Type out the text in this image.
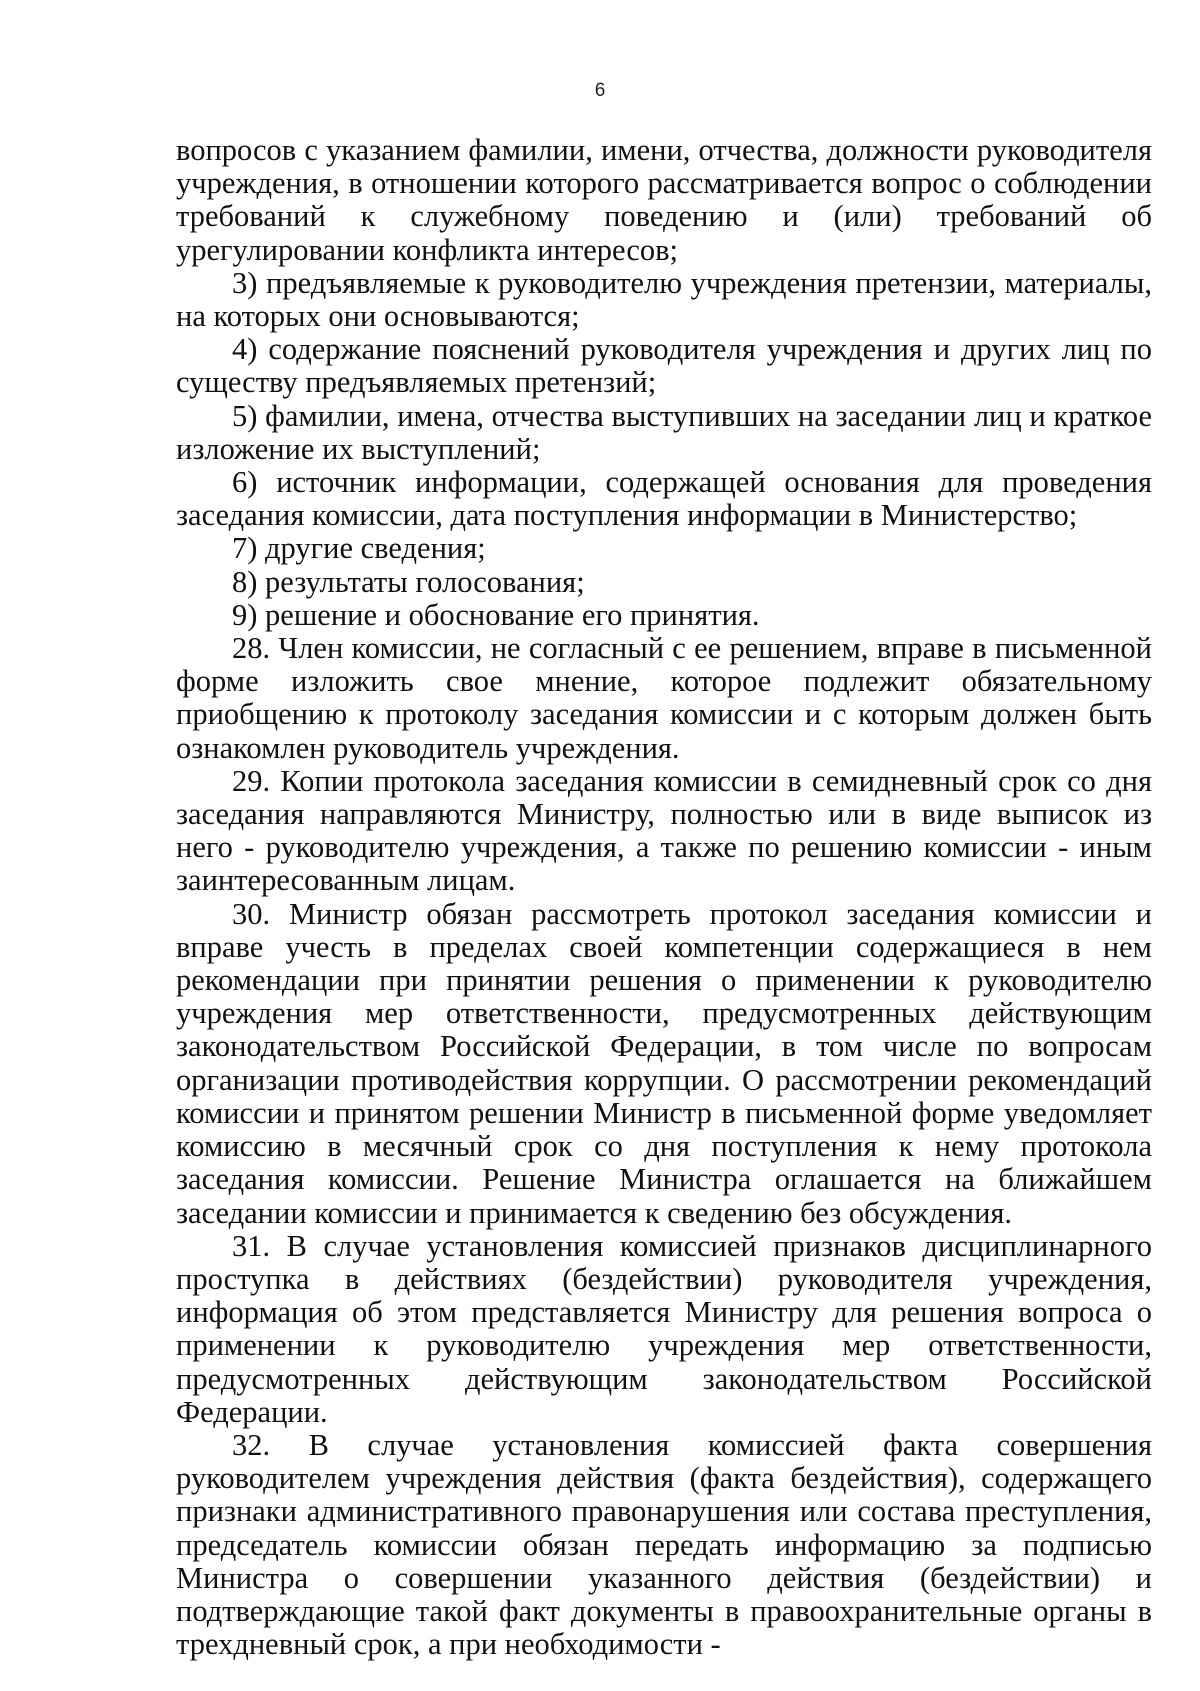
6

вопросов с указанием фамилии, имени, отчества, должности руководителя учреждения, в отношении которого рассматривается вопрос о соблюдении требований к служебному поведению и (или) требований об урегулировании конфликта интересов;

3) предъявляемые к руководителю учреждения претензии, материалы, на которых они основываются;

4) содержание пояснений руководителя учреждения и других лиц по существу предъявляемых претензий;

5) фамилии, имена, отчества выступивших на заседании лиц и краткое изложение их выступлений;

6) источник информации, содержащей основания для проведения заседания комиссии, дата поступления информации в Министерство;

7) другие сведения;

8) результаты голосования;

9) решение и обоснование его принятия.

28. Член комиссии, не согласный с ее решением, вправе в письменной форме изложить свое мнение, которое подлежит обязательному приобщению к протоколу заседания комиссии и с которым должен быть ознакомлен руководитель учреждения.

29. Копии протокола заседания комиссии в семидневный срок со дня заседания направляются Министру, полностью или в виде выписок из него - руководителю учреждения, а также по решению комиссии - иным заинтересованным лицам.

30. Министр обязан рассмотреть протокол заседания комиссии и вправе учесть в пределах своей компетенции содержащиеся в нем рекомендации при принятии решения о применении к руководителю учреждения мер ответственности, предусмотренных действующим законодательством Российской Федерации, в том числе по вопросам организации противодействия коррупции. О рассмотрении рекомендаций комиссии и принятом решении Министр в письменной форме уведомляет комиссию в месячный срок со дня поступления к нему протокола заседания комиссии. Решение Министра оглашается на ближайшем заседании комиссии и принимается к сведению без обсуждения.

31. В случае установления комиссией признаков дисциплинарного проступка в действиях (бездействии) руководителя учреждения, информация об этом представляется Министру для решения вопроса о применении к руководителю учреждения мер ответственности, предусмотренных действующим законодательством Российской Федерации.

32. В случае установления комиссией факта совершения руководителем учреждения действия (факта бездействия), содержащего признаки административного правонарушения или состава преступления, председатель комиссии обязан передать информацию за подписью Министра о совершении указанного действия (бездействии) и подтверждающие такой факт документы в правоохранительные органы в трехдневный срок, а при необходимости -
